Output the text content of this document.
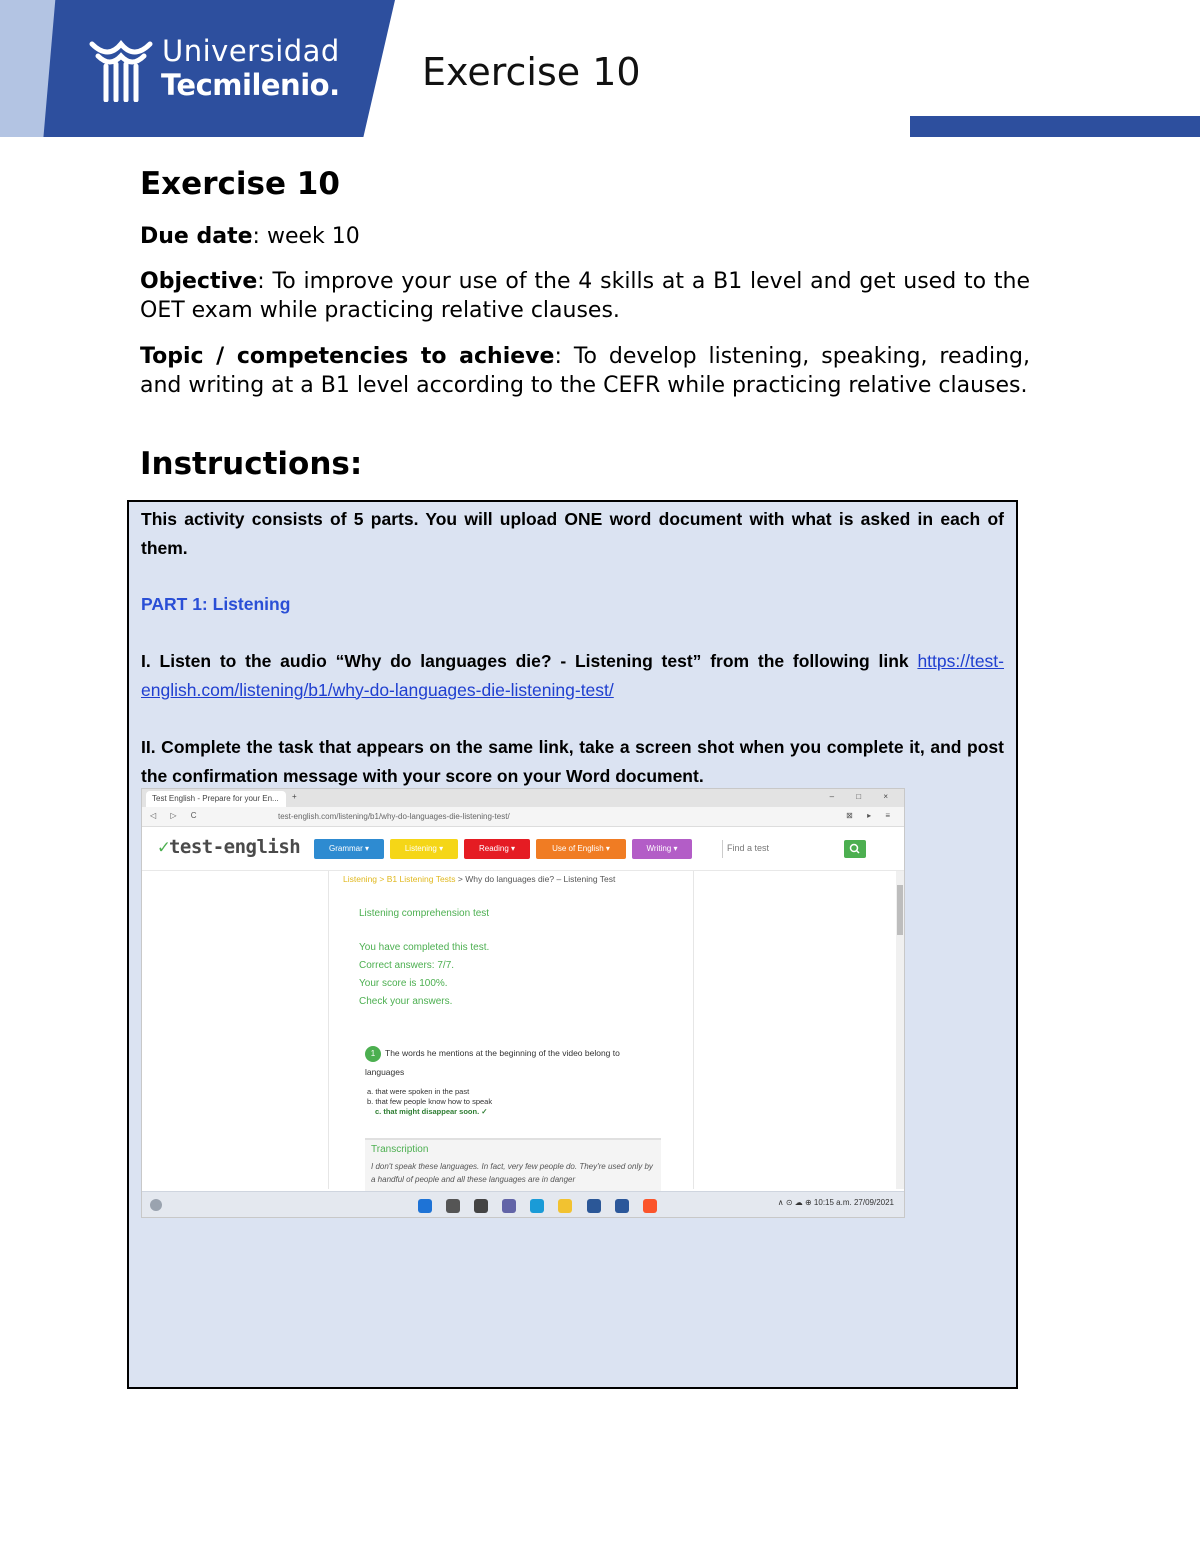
Universidad
Tecmilenio. Exercise 10
Exercise 10
Due date: week 10
Objective: To improve your use of the 4 skills at a B1 level and get used to the OET exam while practicing relative clauses.
Topic / competencies to achieve: To develop listening, speaking, reading, and writing at a B1 level according to the CEFR while practicing relative clauses.
Instructions:
This activity consists of 5 parts. You will upload ONE word document with what is asked in each of them.
PART 1: Listening
I. Listen to the audio “Why do languages die? - Listening test” from the following link https://test-english.com/listening/b1/why-do-languages-die-listening-test/
II. Complete the task that appears on the same link, take a screen shot when you complete it, and post the confirmation message with your score on your Word document.
Test English - Prepare for your En...	+	– □ ×
◁ ▷ C	test-english.com/listening/b1/why-do-languages-die-listening-test/	⊠ ▸ ≡
✓test-english	Grammar ▾	Listening ▾	Reading ▾	Use of English ▾	Writing ▾	Find a test
Listening > B1 Listening Tests > Why do languages die? – Listening Test
Listening comprehension test
You have completed this test.
Correct answers: 7/7.
Your score is 100%.
Check your answers.
1	The words he mentions at the beginning of the video belong to
languages
a. that were spoken in the past
b. that few people know how to speak
c. that might disappear soon. ✓
Transcription
I don't speak these languages. In fact, very few people do. They're used only by a handful of people and all these languages are in danger

∧ ⊙ ☁ ⊕ 10:15 a.m. 27/09/2021
